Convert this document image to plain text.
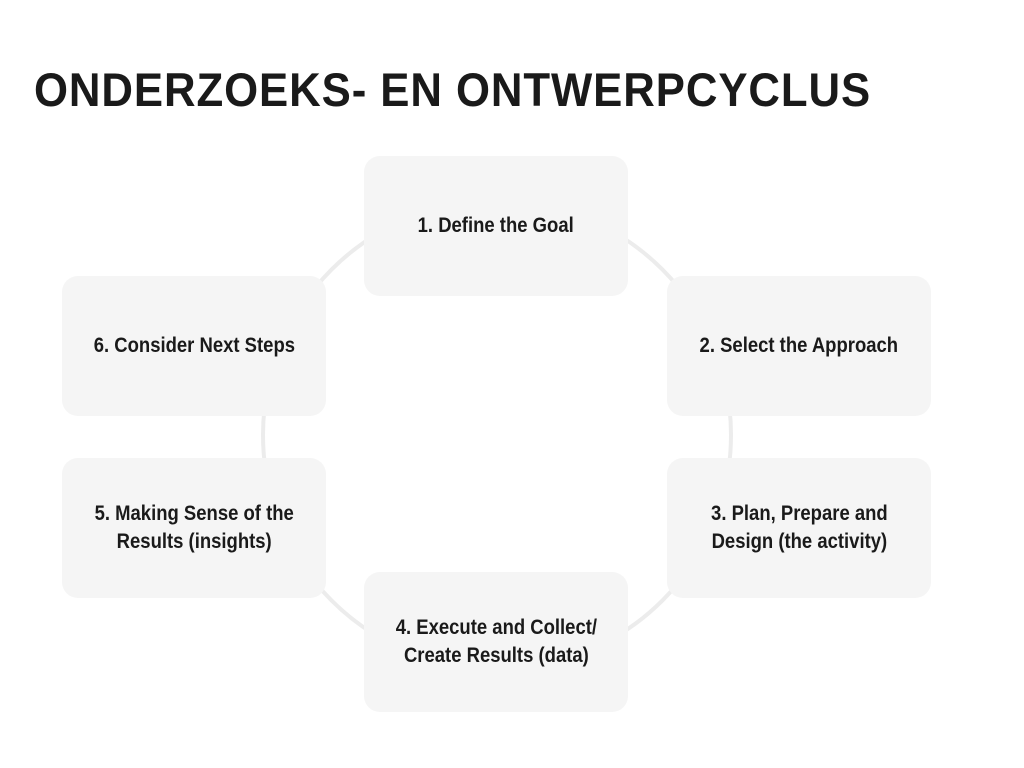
ONDERZOEKS- EN ONTWERPCYCLUS
1. Define the Goal
2. Select the Approach
3. Plan, Prepare and
Design (the activity)
4. Execute and Collect/
Create Results (data)
5. Making Sense of the
Results (insights)
6. Consider Next Steps
